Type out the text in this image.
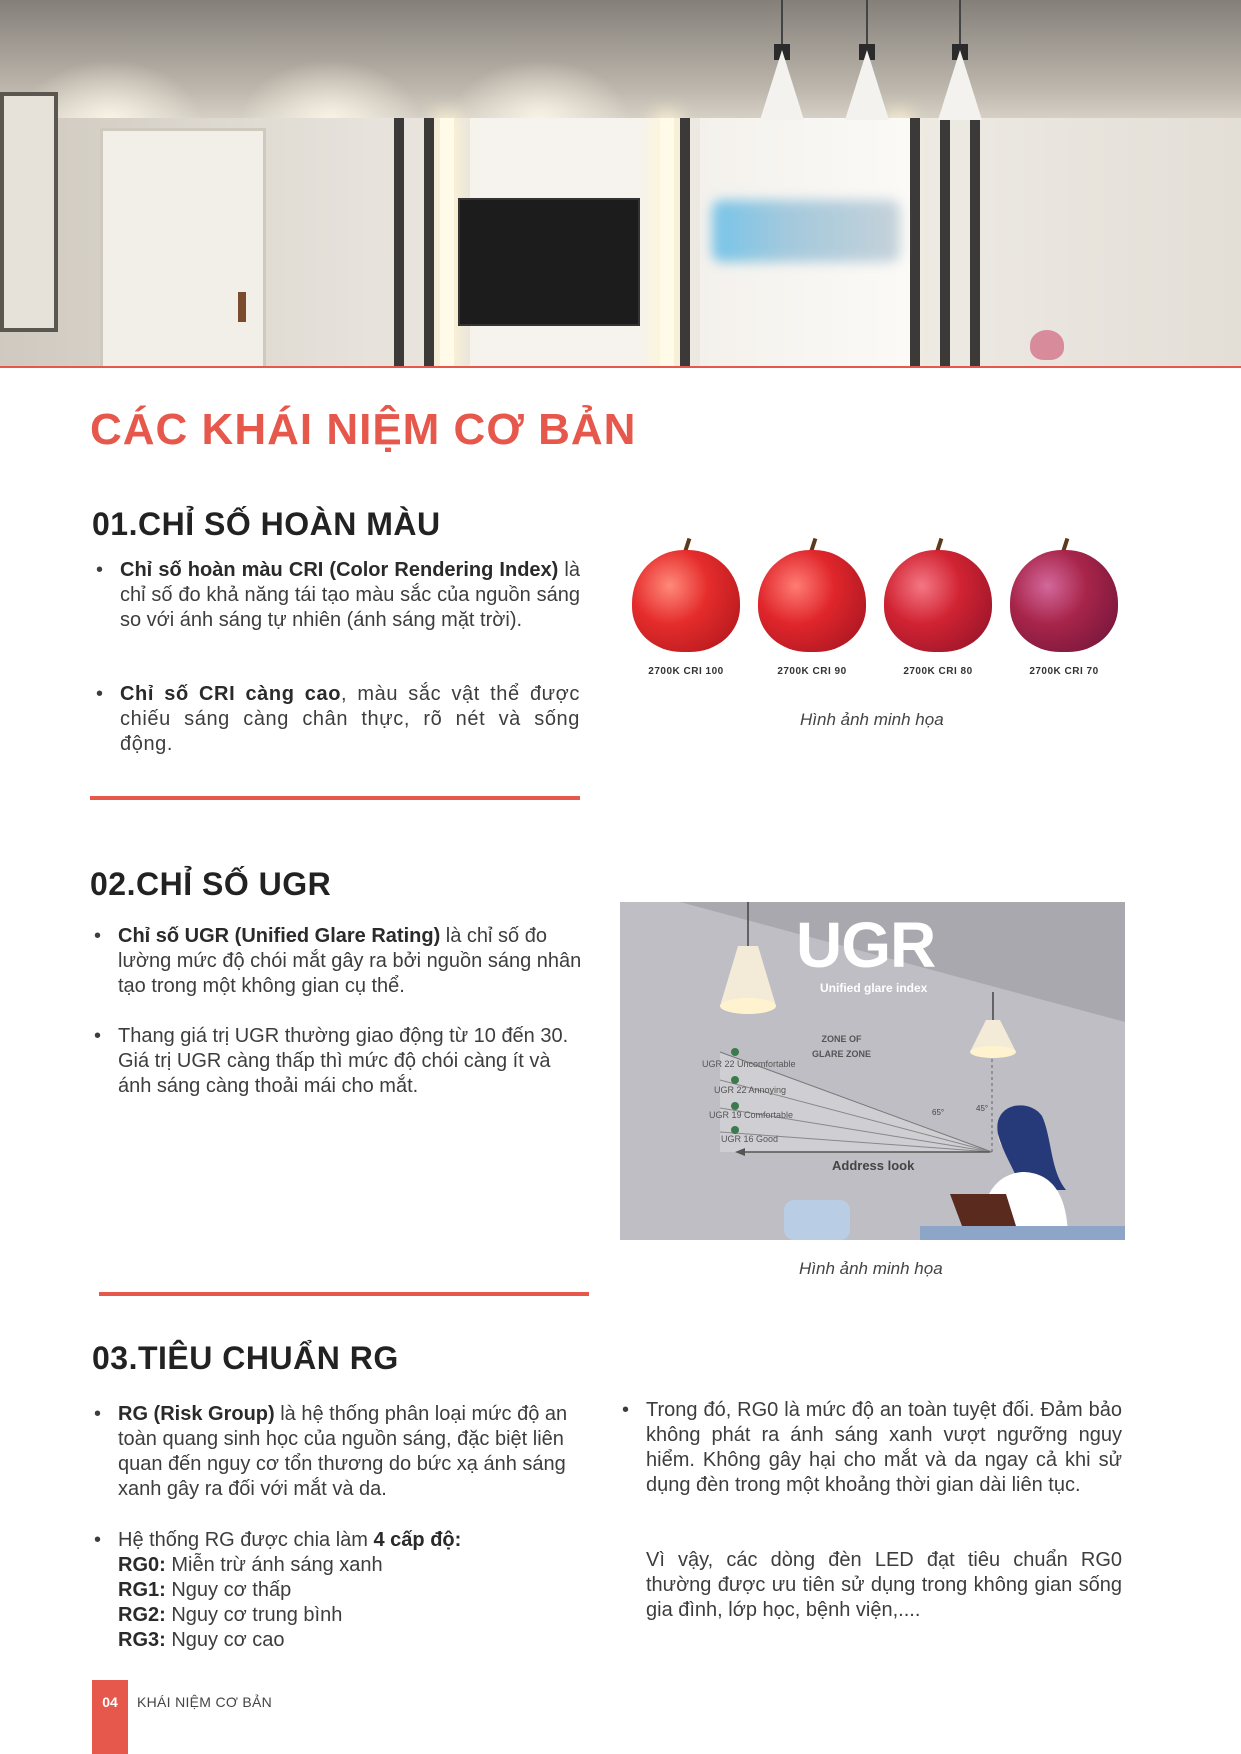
CÁC KHÁI NIỆM CƠ BẢN
01.CHỈ SỐ HOÀN MÀU
• Chỉ số hoàn màu CRI (Color Rendering Index) là chỉ số đo khả năng tái tạo màu sắc của nguồn sáng so với ánh sáng tự nhiên (ánh sáng mặt trời).
• Chỉ số CRI càng cao, màu sắc vật thể được chiếu sáng càng chân thực, rõ nét và sống động.
2700K CRI 100	2700K CRI 90	2700K CRI 80	2700K CRI 70
Hình ảnh minh họa
02.CHỈ SỐ UGR
• Chỉ số UGR (Unified Glare Rating) là chỉ số đo lường mức độ chói mắt gây ra bởi nguồn sáng nhân tạo trong một không gian cụ thể.
• Thang giá trị UGR thường giao động từ 10 đến 30. Giá trị UGR càng thấp thì mức độ chói càng ít và ánh sáng càng thoải mái cho mắt.
UGR
Unified glare index
ZONE OF
GLARE ZONE
UGR 22 Uncomfortable
UGR 22 Annoying
UGR 19 Comfortable
UGR 16 Good
65°	45°
Address look
Hình ảnh minh họa
03.TIÊU CHUẨN RG
• RG (Risk Group) là hệ thống phân loại mức độ an toàn quang sinh học của nguồn sáng, đặc biệt liên quan đến nguy cơ tổn thương do bức xạ ánh sáng xanh gây ra đối với mắt và da.
• Hệ thống RG được chia làm 4 cấp độ:
RG0: Miễn trừ ánh sáng xanh
RG1: Nguy cơ thấp
RG2: Nguy cơ trung bình
RG3: Nguy cơ cao
• Trong đó, RG0 là mức độ an toàn tuyệt đối. Đảm bảo không phát ra ánh sáng xanh vượt ngưỡng nguy hiểm. Không gây hại cho mắt và da ngay cả khi sử dụng đèn trong một khoảng thời gian dài liên tục.
Vì vậy, các dòng đèn LED đạt tiêu chuẩn RG0 thường được ưu tiên sử dụng trong không gian sống gia đình, lớp học, bệnh viện,....
04	KHÁI NIỆM CƠ BẢN
